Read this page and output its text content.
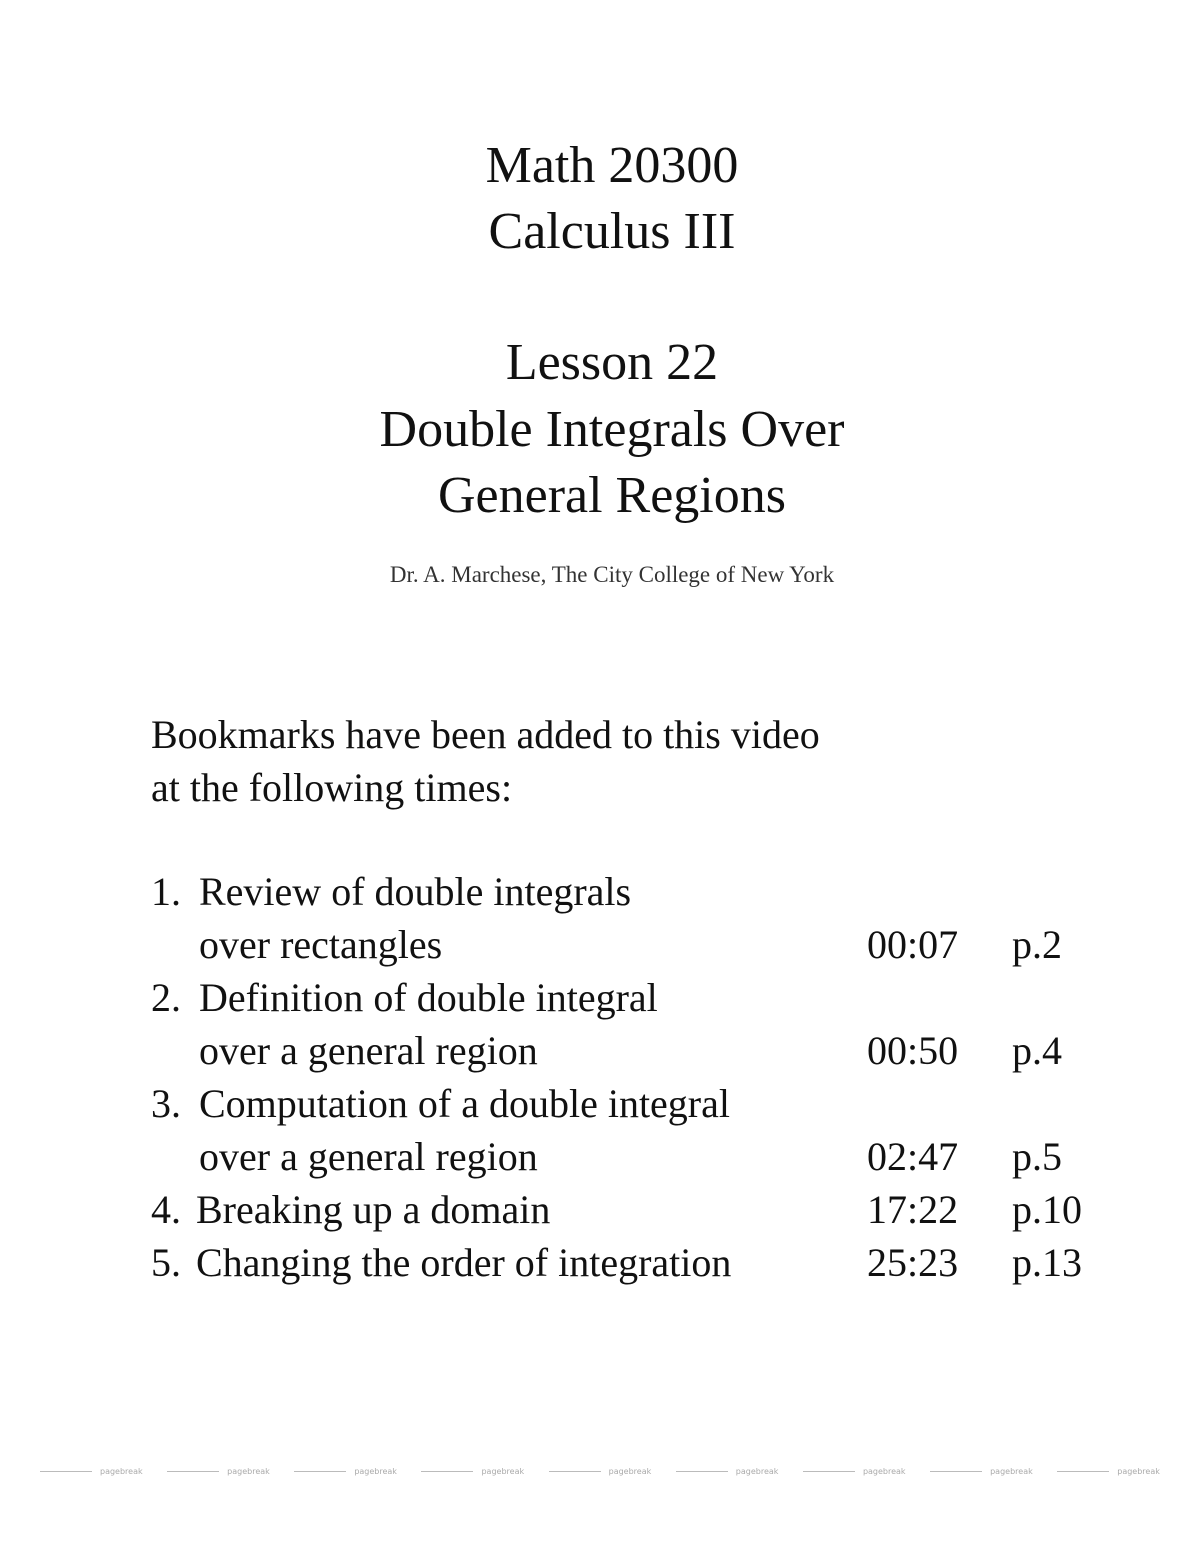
Math 20300
Calculus III
Lesson 22
Double Integrals Over
General Regions
Dr. A. Marchese, The City College of New York
Bookmarks have been added to this video
at the following times:
1. Review of double integrals
over rectangles	00:07 p.2
2. Definition of double integral
over a general region	00:50 p.4
3. Computation of a double integral
over a general region	02:47 p.5
4. Breaking up a domain	17:22 p.10
5. Changing the order of integration	25:23 p.13
pagebreak	pagebreak	pagebreak	pagebreak	pagebreak	pagebreak	pagebreak	pagebreak	pagebreak
